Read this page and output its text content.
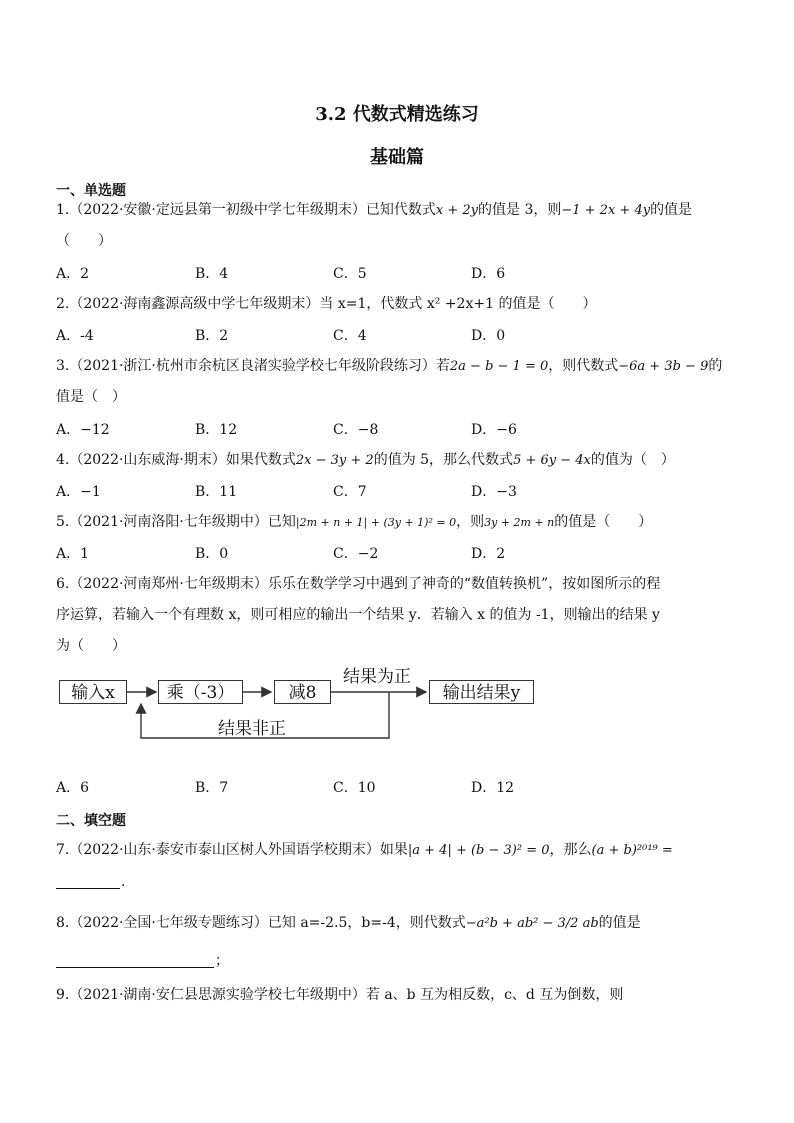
3.2 代数式精选练习
基础篇
一、单选题
1.（2022·安徽·定远县第一初级中学七年级期末）已知代数式x + 2y的值是 3，则−1 + 2x + 4y的值是
（　　）
A．2	B．4	C．5	D．6
2.（2022·海南鑫源高级中学七年级期末）当 x=1，代数式 x² +2x+1 的值是（　　）
A．-4	B．2	C．4	D．0
3.（2021·浙江·杭州市余杭区良渚实验学校七年级阶段练习）若2a − b − 1 = 0，则代数式−6a + 3b − 9的
值是（　）
A．−12	B．12	C．−8	D．−6
4.（2022·山东威海·期末）如果代数式2x − 3y + 2的值为 5，那么代数式5 + 6y − 4x的值为（　）
A．−1	B．11	C．7	D．−3
5.（2021·河南洛阳·七年级期中）已知|2m + n + 1| + (3y + 1)² = 0，则3y + 2m + n的值是（　　）
A．1	B．0	C．−2	D．2
6.（2022·河南郑州·七年级期末）乐乐在数学学习中遇到了神奇的“数值转换机”，按如图所示的程
序运算，若输入一个有理数 x，则可相应的输出一个结果 y．若输入 x 的值为 -1，则输出的结果 y
为（　　）
输入x	乘（-3）	减8
结果为正
输出结果y
结果非正
A．6	B．7	C．10	D．12
二、填空题
7.（2022·山东·泰安市泰山区树人外国语学校期末）如果|a + 4| + (b − 3)² = 0，那么(a + b)²⁰¹⁹ =
.
8.（2022·全国·七年级专题练习）已知 a=-2.5，b=-4，则代数式−a²b + ab² − 3/2 ab的值是
；
9.（2021·湖南·安仁县思源实验学校七年级期中）若 a、b 互为相反数，c、d 互为倒数，则
